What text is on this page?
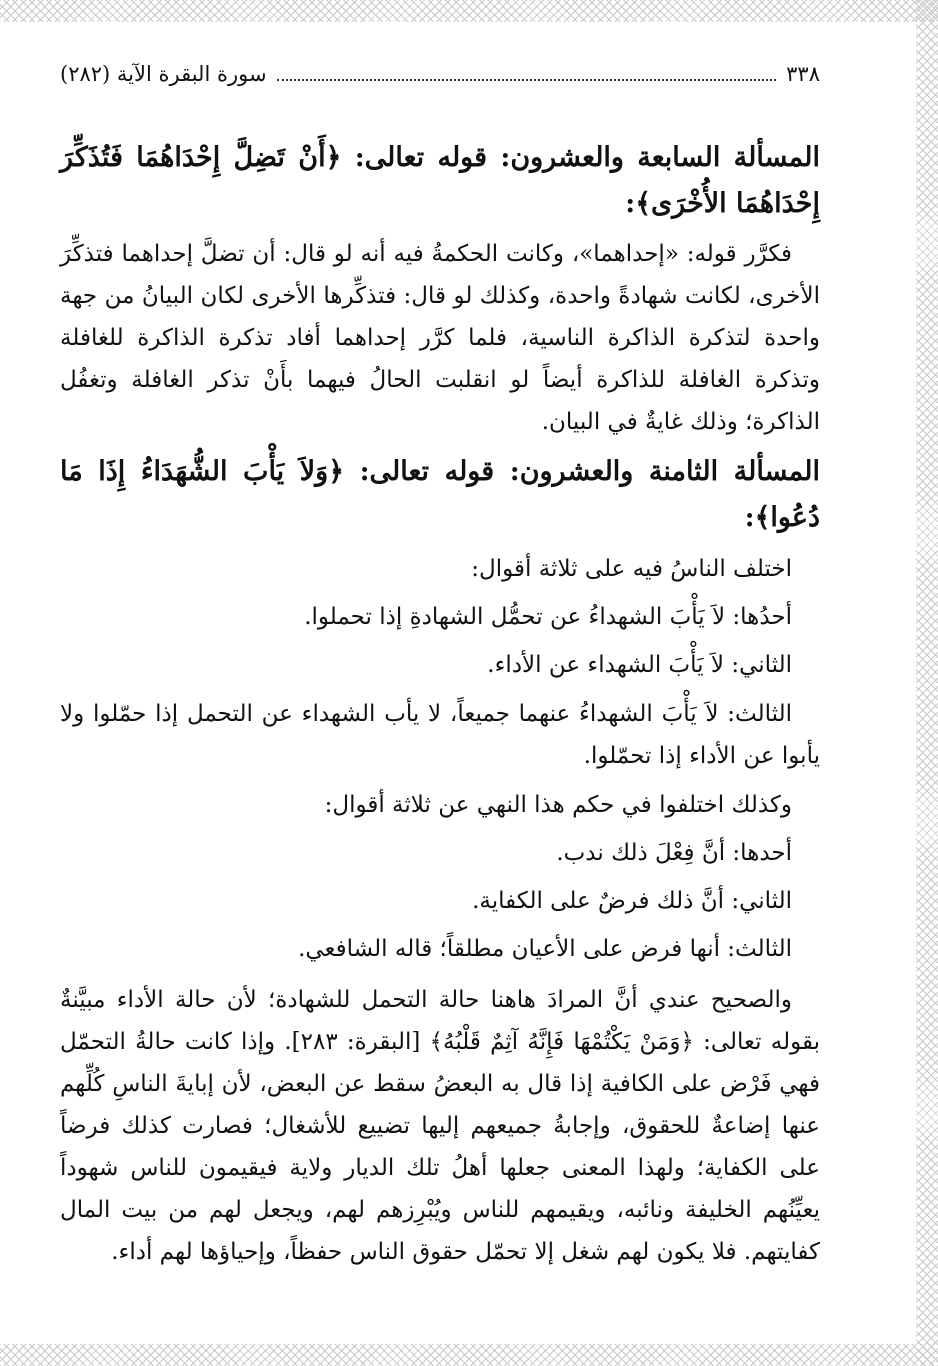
٣٣٨
سورة البقرة الآية (٢٨٢)
المسألة السابعة والعشرون: قوله تعالى: ﴿أَنْ تَضِلَّ إِحْدَاهُمَا فَتُذَكِّرَ إِحْدَاهُمَا الأُخْرَى﴾:

فكرَّر قوله: «إحداهما»، وكانت الحكمةُ فيه أنه لو قال: أن تضلَّ إحداهما فتذكِّرَ الأخرى، لكانت شهادةً واحدة، وكذلك لو قال: فتذكِّرها الأخرى لكان البيانُ من جهة واحدة لتذكرة الذاكرة الناسية، فلما كرَّر إحداهما أفاد تذكرة الذاكرة للغافلة وتذكرة الغافلة للذاكرة أيضاً لو انقلبت الحالُ فيهما بأَنْ تذكر الغافلة وتغفُل الذاكرة؛ وذلك غايةٌ في البيان.

المسألة الثامنة والعشرون: قوله تعالى: ﴿وَلاَ يَأْبَ الشُّهَدَاءُ إِذَا مَا دُعُوا﴾:

اختلف الناسُ فيه على ثلاثة أقوال:

أحدُها: لاَ يَأْبَ الشهداءُ عن تحمُّل الشهادةِ إذا تحملوا.

الثاني: لاَ يَأْبَ الشهداء عن الأداء.

الثالث: لاَ يَأْبَ الشهداءُ عنهما جميعاً، لا يأب الشهداء عن التحمل إذا حمّلوا ولا يأبوا عن الأداء إذا تحمّلوا.

وكذلك اختلفوا في حكم هذا النهي عن ثلاثة أقوال:

أحدها: أنَّ فِعْلَ ذلك ندب.

الثاني: أنَّ ذلك فرضٌ على الكفاية.

الثالث: أنها فرض على الأعيان مطلقاً؛ قاله الشافعي.

والصحيح عندي أنَّ المرادَ هاهنا حالة التحمل للشهادة؛ لأن حالة الأداء مبيَّنةٌ بقوله تعالى: ﴿وَمَنْ يَكْتُمْهَا فَإِنَّهُ آثِمٌ قَلْبُهُ﴾ [البقرة: ٢٨٣]. وإذا كانت حالةُ التحمّل فهي فَرْض على الكافية إذا قال به البعضُ سقط عن البعض، لأن إبايةَ الناسِ كُلِّهم عنها إضاعةٌ للحقوق، وإجابةُ جميعهم إليها تضييع للأشغال؛ فصارت كذلك فرضاً على الكفاية؛ ولهذا المعنى جعلها أهلُ تلك الديار ولاية فيقيمون للناس شهوداً يعيِّنُهم الخليفة ونائبه، ويقيمهم للناس ويُبْرِزهم لهم، ويجعل لهم من بيت المال كفايتهم. فلا يكون لهم شغل إلا تحمّل حقوق الناس حفظاً، وإحياؤها لهم أداء.
